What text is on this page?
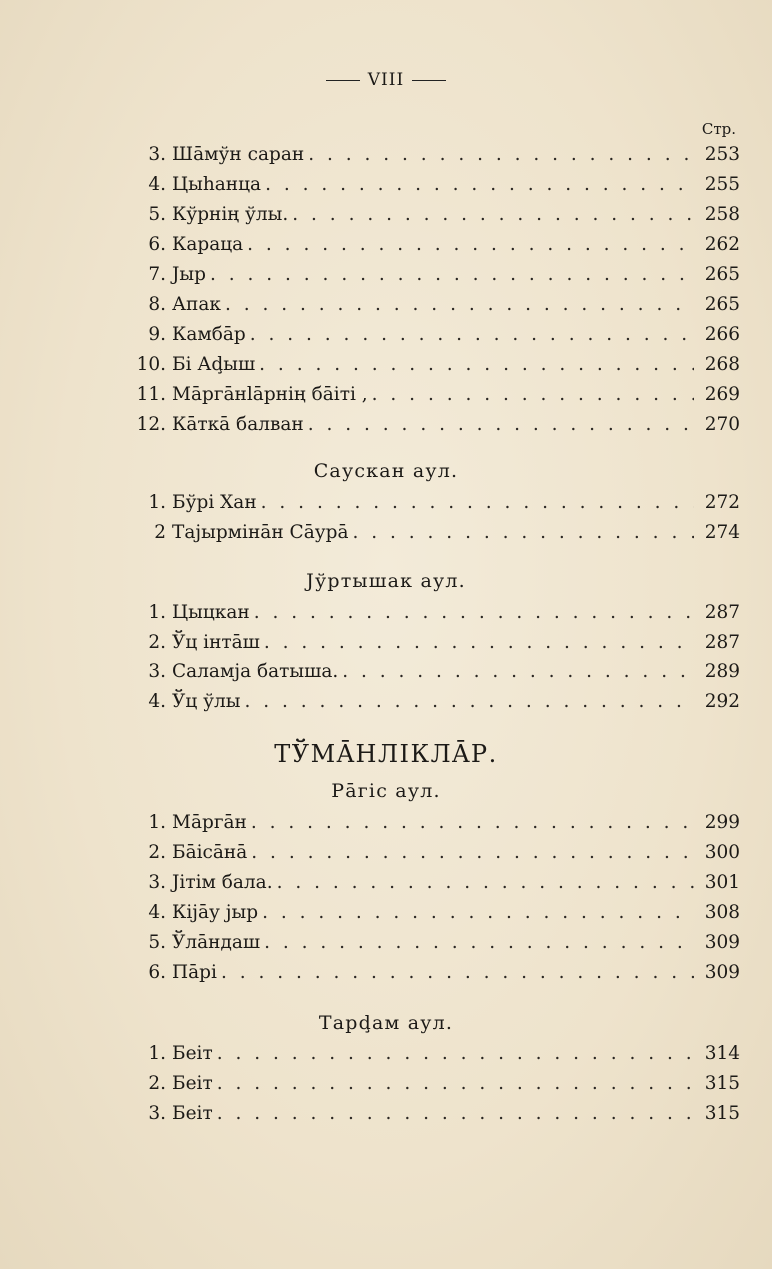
VIII
Стр.
3. Шāмўн саран . . .	253
4. Цыhанца . . .	255
5. Кўрнің ўлы. . . .	258
6. Карацa . . .	262
7. Jыр . . .	265
8. Апак . . .	265
9. Камбāр . . .	266
10. Бі Аḑыш . . .	268
11. Мāргāнlāрнің бāіті , . . .	269
12. Кāткā балван . . .	270
Саускан аул.
1. Бўрі Хан . . .	272
2 Таjырмінāн Сāурā . . .	274
Jўртышак аул.
1. Цыцкан . . .	287
2. Ўц інтāш . . .	287
3. Саламjа батыша. . . .	289
4. Ўц ўлы . . .	292
ТЎМĀНЛІКЛĀР.
Рāгіс аул.
1. Мāргāн . . .	299
2. Бāісāнā . . .	300
3. Jітім бала. . . .	301
4. Кіjāу jыр . . .	308
5. Ўлāндаш . . .	309
6. Пāрі . . .	309
Тарḑам аул.
1. Беіт . . .	314
2. Беіт . . .	315
3. Беіт . . .	315
